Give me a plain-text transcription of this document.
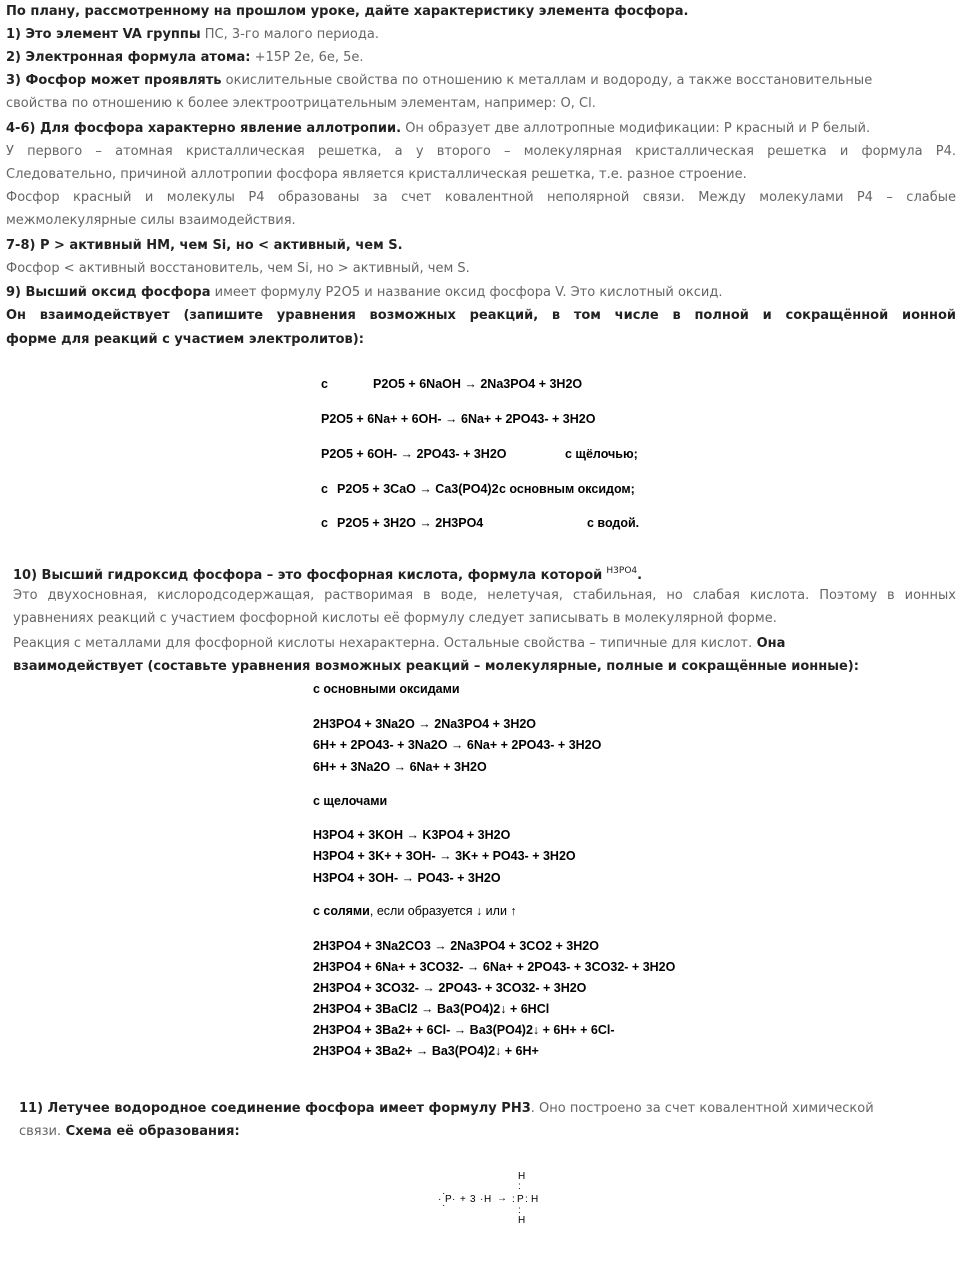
По плану, рассмотренному на прошлом уроке, дайте характеристику элемента фосфора.
1) Это элемент VA группы ПС, 3-го малого периода.
2) Электронная формула атома: +15Р 2е, 6е, 5е.
3) Фосфор может проявлять окислительные свойства по отношению к металлам и водороду, а также восстановительные
свойства по отношению к более электроотрицательным элементам, например: О, Cl.
4-6) Для фосфора характерно явление аллотропии. Он образует две аллотропные модификации: Р красный и Р белый.
У первого – атомная кристаллическая решетка, а у второго – молекулярная кристаллическая решетка и формула Р4.
Следовательно, причиной аллотропии фосфора является кристаллическая решетка, т.е. разное строение.
Фосфор красный и молекулы Р4 образованы за счет ковалентной неполярной связи. Между молекулами Р4 – слабые
межмолекулярные силы взаимодействия.
7-8) Р > активный НМ, чем Si, но < активный, чем S.
Фосфор < активный восстановитель, чем Si, но > активный, чем S.
9) Высший оксид фосфора имеет формулу Р2О5 и название оксид фосфора V. Это кислотный оксид.
Он взаимодействует (запишите уравнения возможных реакций, в том числе в полной и сокращённой ионной
форме для реакций с участием электролитов):
с	P2O5 + 6NaOH → 2Na3PO4 + 3H2O
P2O5 + 6Na+ + 6OH- → 6Na+ + 2PO43- + 3H2O
P2O5 + 6OH- → 2PO43- + 3H2O	с щёлочью;
с P2O5 + 3CaO → Ca3(PO4)2 с основным оксидом;
с P2O5 + 3H2O → 2H3PO4	с водой.
10) Высший гидроксид фосфора – это фосфорная кислота, формула которой $^{H3PO4}$.
Это двухосновная, кислородсодержащая, растворимая в воде, нелетучая, стабильная, но слабая кислота. Поэтому в ионных
уравнениях реакций с участием фосфорной кислоты её формулу следует записывать в молекулярной форме.
Реакция с металлами для фосфорной кислоты нехарактерна. Остальные свойства – типичные для кислот. Она
взаимодействует (составьте уравнения возможных реакций – молекулярные, полные и сокращённые ионные):
с основными оксидами
2H3PO4 + 3Na2O → 2Na3PO4 + 3H2O
6H+ + 2PO43- + 3Na2O → 6Na+ + 2PO43- + 3H2O
6H+ + 3Na2O → 6Na+ + 3H2O
с щелочами
H3PO4 + 3KOH → K3PO4 + 3H2O
H3PO4 + 3K+ + 3OH- → 3K+ + PO43- + 3H2O
H3PO4 + 3OH- → PO43- + 3H2O
с солями, если образуется ↓ или ↑
2H3PO4 + 3Na2CO3 → 2Na3PO4 + 3CO2 + 3H2O
2H3PO4 + 6Na+ + 3CO32- → 6Na+ + 2PO43- + 3CO32- + 3H2O
2H3PO4 + 3CO32- → 2PO43- + 3CO32- + 3H2O
2H3PO4 + 3BaCl2 → Ba3(PO4)2↓ + 6HCl
2H3PO4 + 3Ba2+ + 6Cl- → Ba3(PO4)2↓ + 6H+ + 6Cl-
2H3PO4 + 3Ba2+ → Ba3(PO4)2↓ + 6H+
11) Летучее водородное соединение фосфора имеет формулу РН3. Оно построено за счет ковалентной химической
связи. Схема её образования:
·
·
·
P · + 3 · H →
H
:
: P : H
:
H
